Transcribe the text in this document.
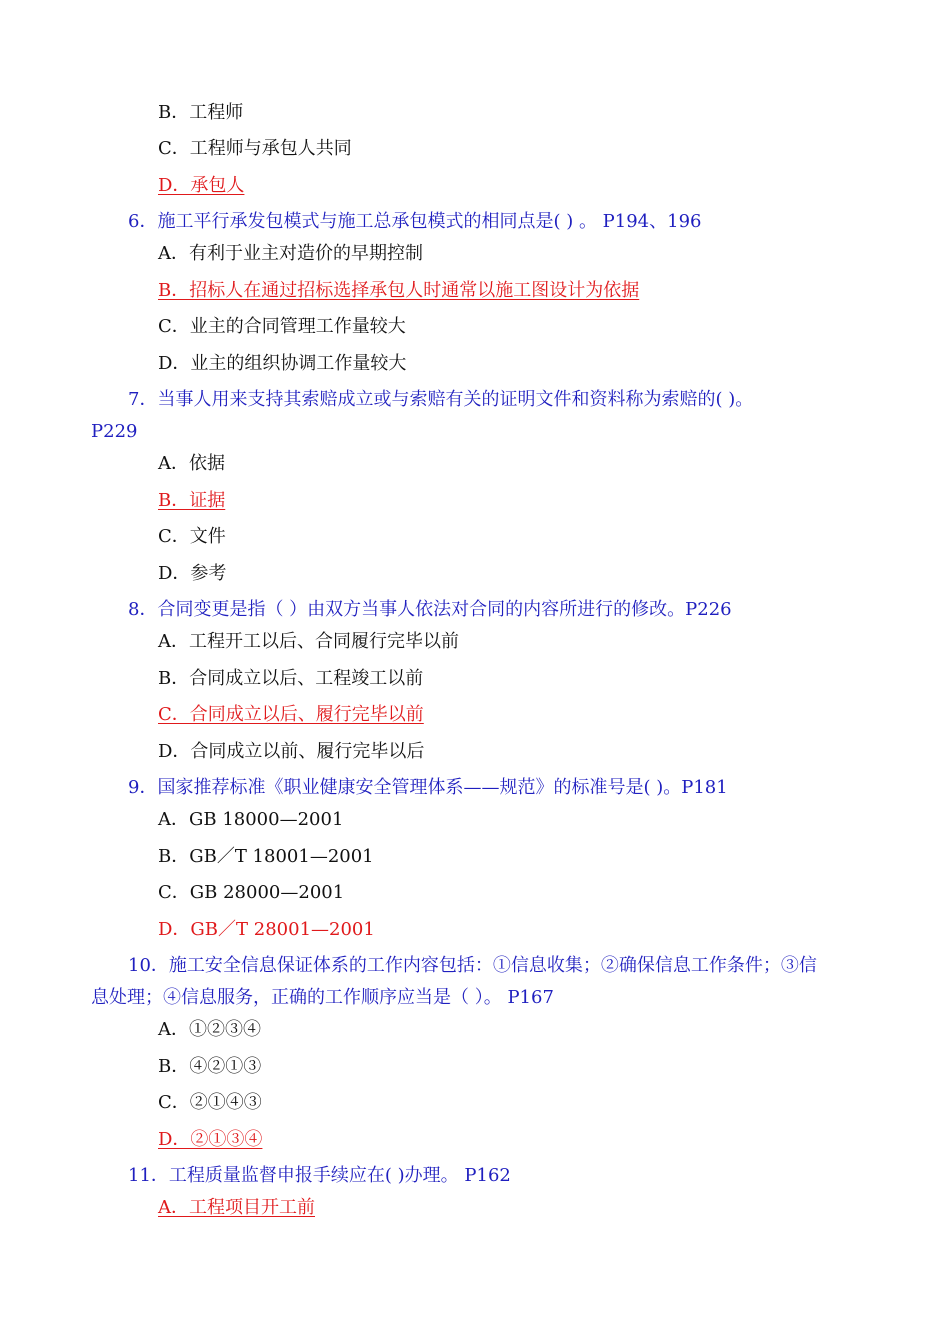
B．工程师
C．工程师与承包人共同
D．承包人
6．施工平行承发包模式与施工总承包模式的相同点是( ) 。 P194、196
A．有利于业主对造价的早期控制
B．招标人在通过招标选择承包人时通常以施工图设计为依据
C．业主的合同管理工作量较大
D．业主的组织协调工作量较大
7．当事人用来支持其索赔成立或与索赔有关的证明文件和资料称为索赔的( )。
P229
A．依据
B．证据
C．文件
D．参考
8．合同变更是指（ ）由双方当事人依法对合同的内容所进行的修改。P226
A．工程开工以后、合同履行完毕以前
B．合同成立以后、工程竣工以前
C．合同成立以后、履行完毕以前
D．合同成立以前、履行完毕以后
9．国家推荐标准《职业健康安全管理体系——规范》的标准号是( )。P181
A．GB 18000—2001
B．GB／T 18001—2001
C．GB 28000—2001
D．GB／T 28001—2001
10．施工安全信息保证体系的工作内容包括：①信息收集；②确保信息工作条件；③信
息处理；④信息服务，正确的工作顺序应当是（ ）。 P167
A．①②③④
B．④②①③
C．②①④③
D．②①③④
11．工程质量监督申报手续应在( )办理。 P162
A．工程项目开工前
